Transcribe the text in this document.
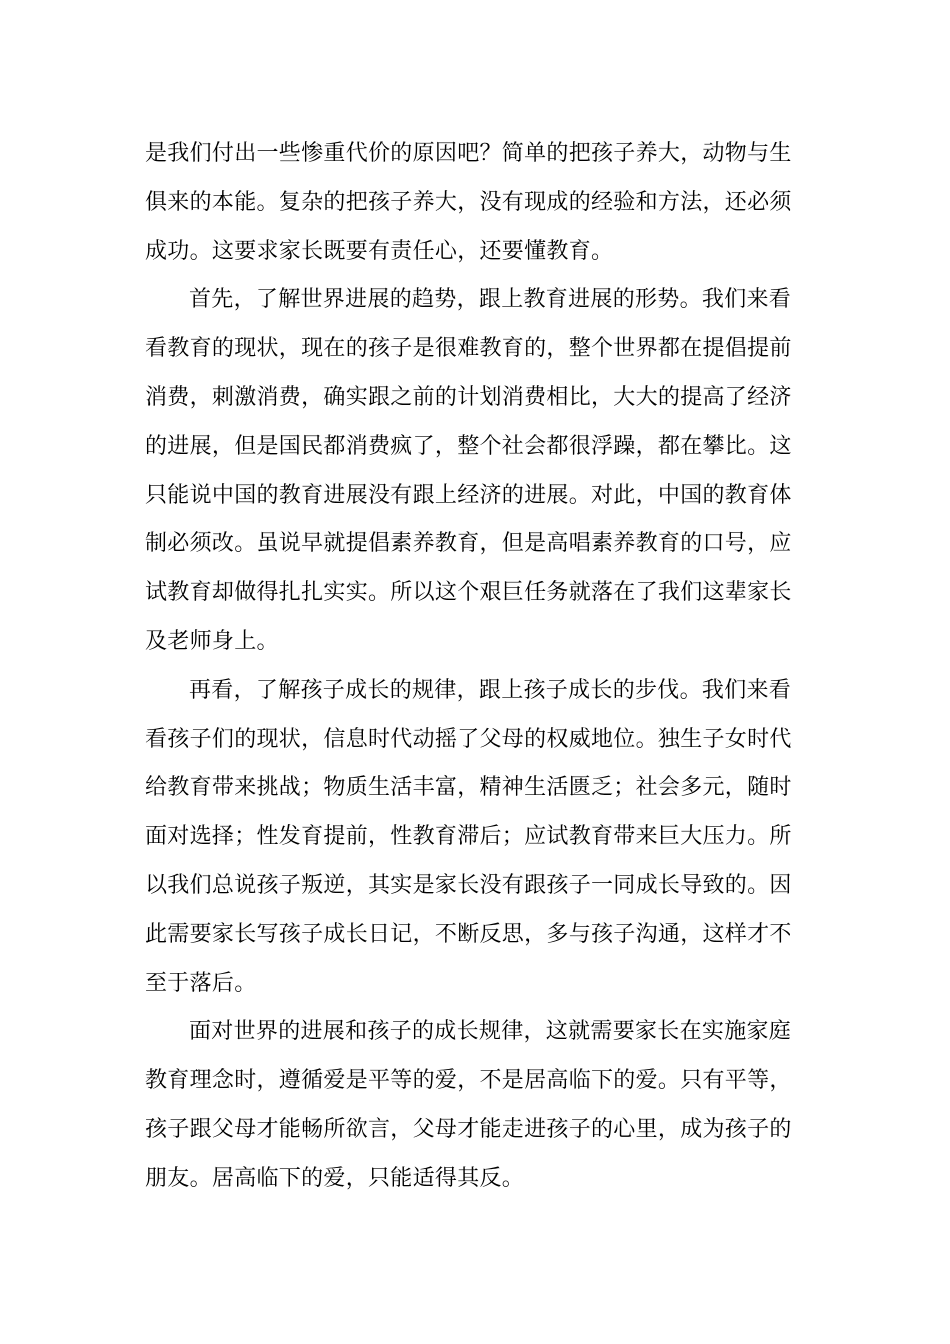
是我们付出一些惨重代价的原因吧？简单的把孩子养大，动物与生
俱来的本能。复杂的把孩子养大，没有现成的经验和方法，还必须
成功。这要求家长既要有责任心，还要懂教育。
首先，了解世界进展的趋势，跟上教育进展的形势。我们来看
看教育的现状，现在的孩子是很难教育的，整个世界都在提倡提前
消费，刺激消费，确实跟之前的计划消费相比，大大的提高了经济
的进展，但是国民都消费疯了，整个社会都很浮躁，都在攀比。这
只能说中国的教育进展没有跟上经济的进展。对此，中国的教育体
制必须改。虽说早就提倡素养教育，但是高唱素养教育的口号，应
试教育却做得扎扎实实。所以这个艰巨任务就落在了我们这辈家长
及老师身上。
再看，了解孩子成长的规律，跟上孩子成长的步伐。我们来看
看孩子们的现状，信息时代动摇了父母的权威地位。独生子女时代
给教育带来挑战；物质生活丰富，精神生活匮乏；社会多元，随时
面对选择；性发育提前，性教育滞后；应试教育带来巨大压力。所
以我们总说孩子叛逆，其实是家长没有跟孩子一同成长导致的。因
此需要家长写孩子成长日记，不断反思，多与孩子沟通，这样才不
至于落后。
面对世界的进展和孩子的成长规律，这就需要家长在实施家庭
教育理念时，遵循爱是平等的爱，不是居高临下的爱。只有平等，
孩子跟父母才能畅所欲言，父母才能走进孩子的心里，成为孩子的
朋友。居高临下的爱，只能适得其反。
